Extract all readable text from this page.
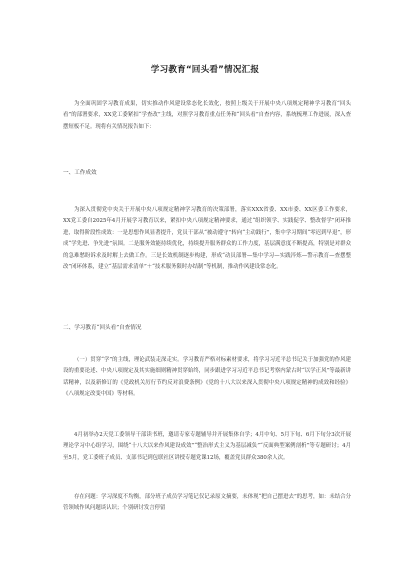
学习教育“回头看”情况汇报

为全面巩固学习教育成果，切实推动作风建设常态化长效化，按照上级关于开展中央八项规定精神学习教育“回头看”的部署要求，XX党工委紧扣“学查改”主线，对照学习教育重点任务和“回头看”自查内容，系统梳理工作进展，深入查摆短板不足。现将有关情况报告如下：

一、工作成效

为深入贯彻党中央关于开展中央八项规定精神学习教育的决策部署，落实XXX省委、XX市委、XX区委工作要求，XX党工委自2025年4月开展学习教育以来，紧扣中央八项规定精神要求，通过“组织领学、实践促学、整改督学”闭环推进，取得阶段性成效：一是思想作风显著提升，党员干部从“被动遵守”转向“主动践行”，集中学习期间“零迟到早退”，形成“学先进、争先进”氛围。二是服务效能持续优化，持续提升服务群众的工作力度，基层满意度不断提高，特别是对群众的急难愁盼诉求及时解上去做工作。三是长效机制逐步构建，形成“动员部署—集中学习—实践淬炼—警示教育—查摆整改”闭环体系，建立“基层需求清单”＋“技术服务限时办结制”等机制，推动作风建设常态化。

二、学习教育“回头看”自查情况

（一）贯穿“学”的主线，理论武装走深走实。学习教育严格对标素材要求，将学习习近平总书记关于加强党的作风建设的重要论述、中央八项规定及其实施细则精神贯穿始终，同步跟进学习习近平总书记考察内蒙古时“以学正风”等最新讲话精神，以及新修订的《党政机关厉行节约反对浪费条例》《党的十八大以来深入贯彻中央八项规定精神的成效和经验》《八项规定改变中国》等材料。

4月初举办2天党工委领导干部读书班，邀请专家专题辅导并开展集体自学；4月中旬、5月下旬、6月下旬分3次开展理论学习中心组学习，围绕“十八大以来作风建设成效”“整治形式主义为基层减负”“反面典型案例剖析”等专题研讨；4月至5月，党工委班子成员、支部书记到包联社区讲授专题党课12场，覆盖党员群众380余人次。

存在问题：学习深度不均衡，部分班子成员学习笔记仅记录原文摘要，未体现“把自己摆进去”的思考，如：未结合分管领域作风问题谈认识；个别研讨发言停留
